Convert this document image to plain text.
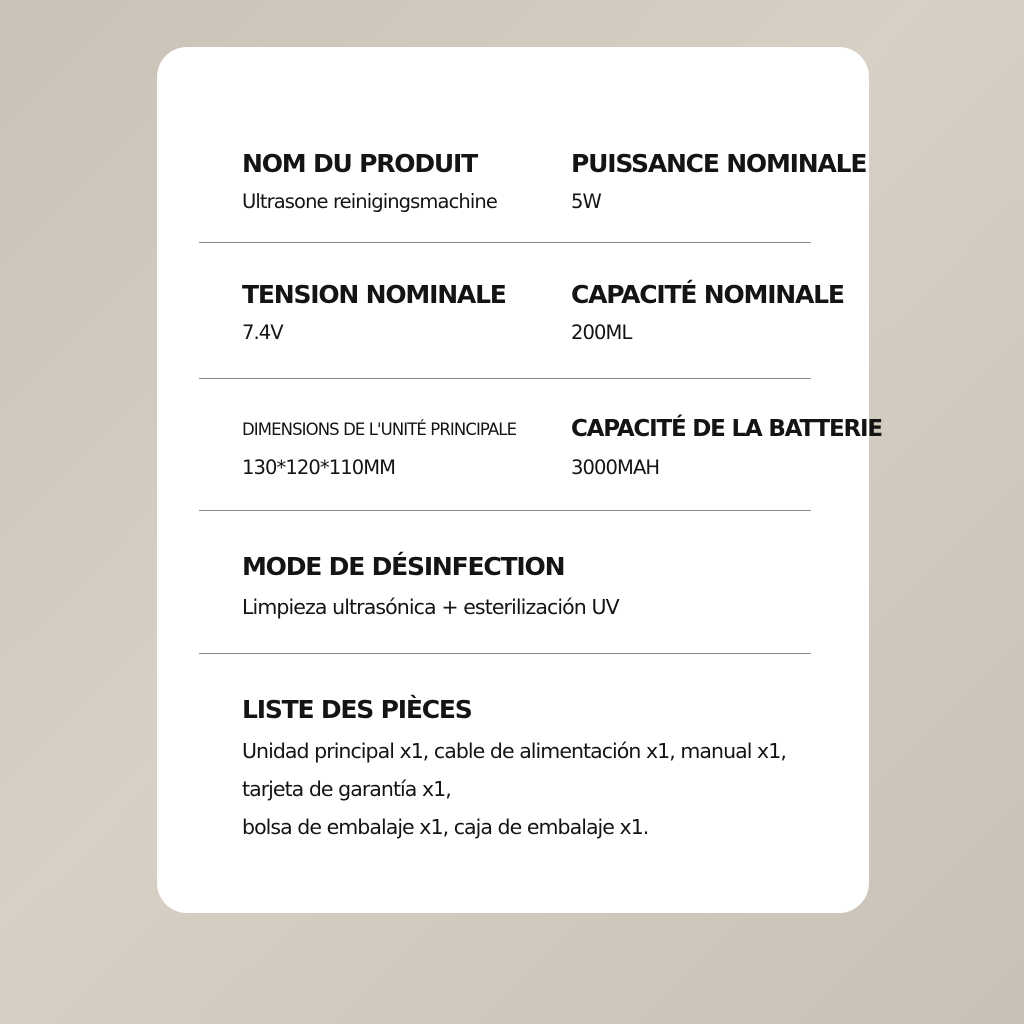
NOM DU PRODUIT
Ultrasone reinigingsmachine
PUISSANCE NOMINALE
5W
TENSION NOMINALE
7.4V
CAPACITÉ NOMINALE
200ML
DIMENSIONS DE L'UNITÉ PRINCIPALE
130*120*110MM
CAPACITÉ DE LA BATTERIE
3000MAH
MODE DE DÉSINFECTION
Limpieza ultrasónica + esterilización UV
LISTE DES PIÈCES
Unidad principal x1, cable de alimentación x1, manual x1,
tarjeta de garantía x1,
bolsa de embalaje x1, caja de embalaje x1.
